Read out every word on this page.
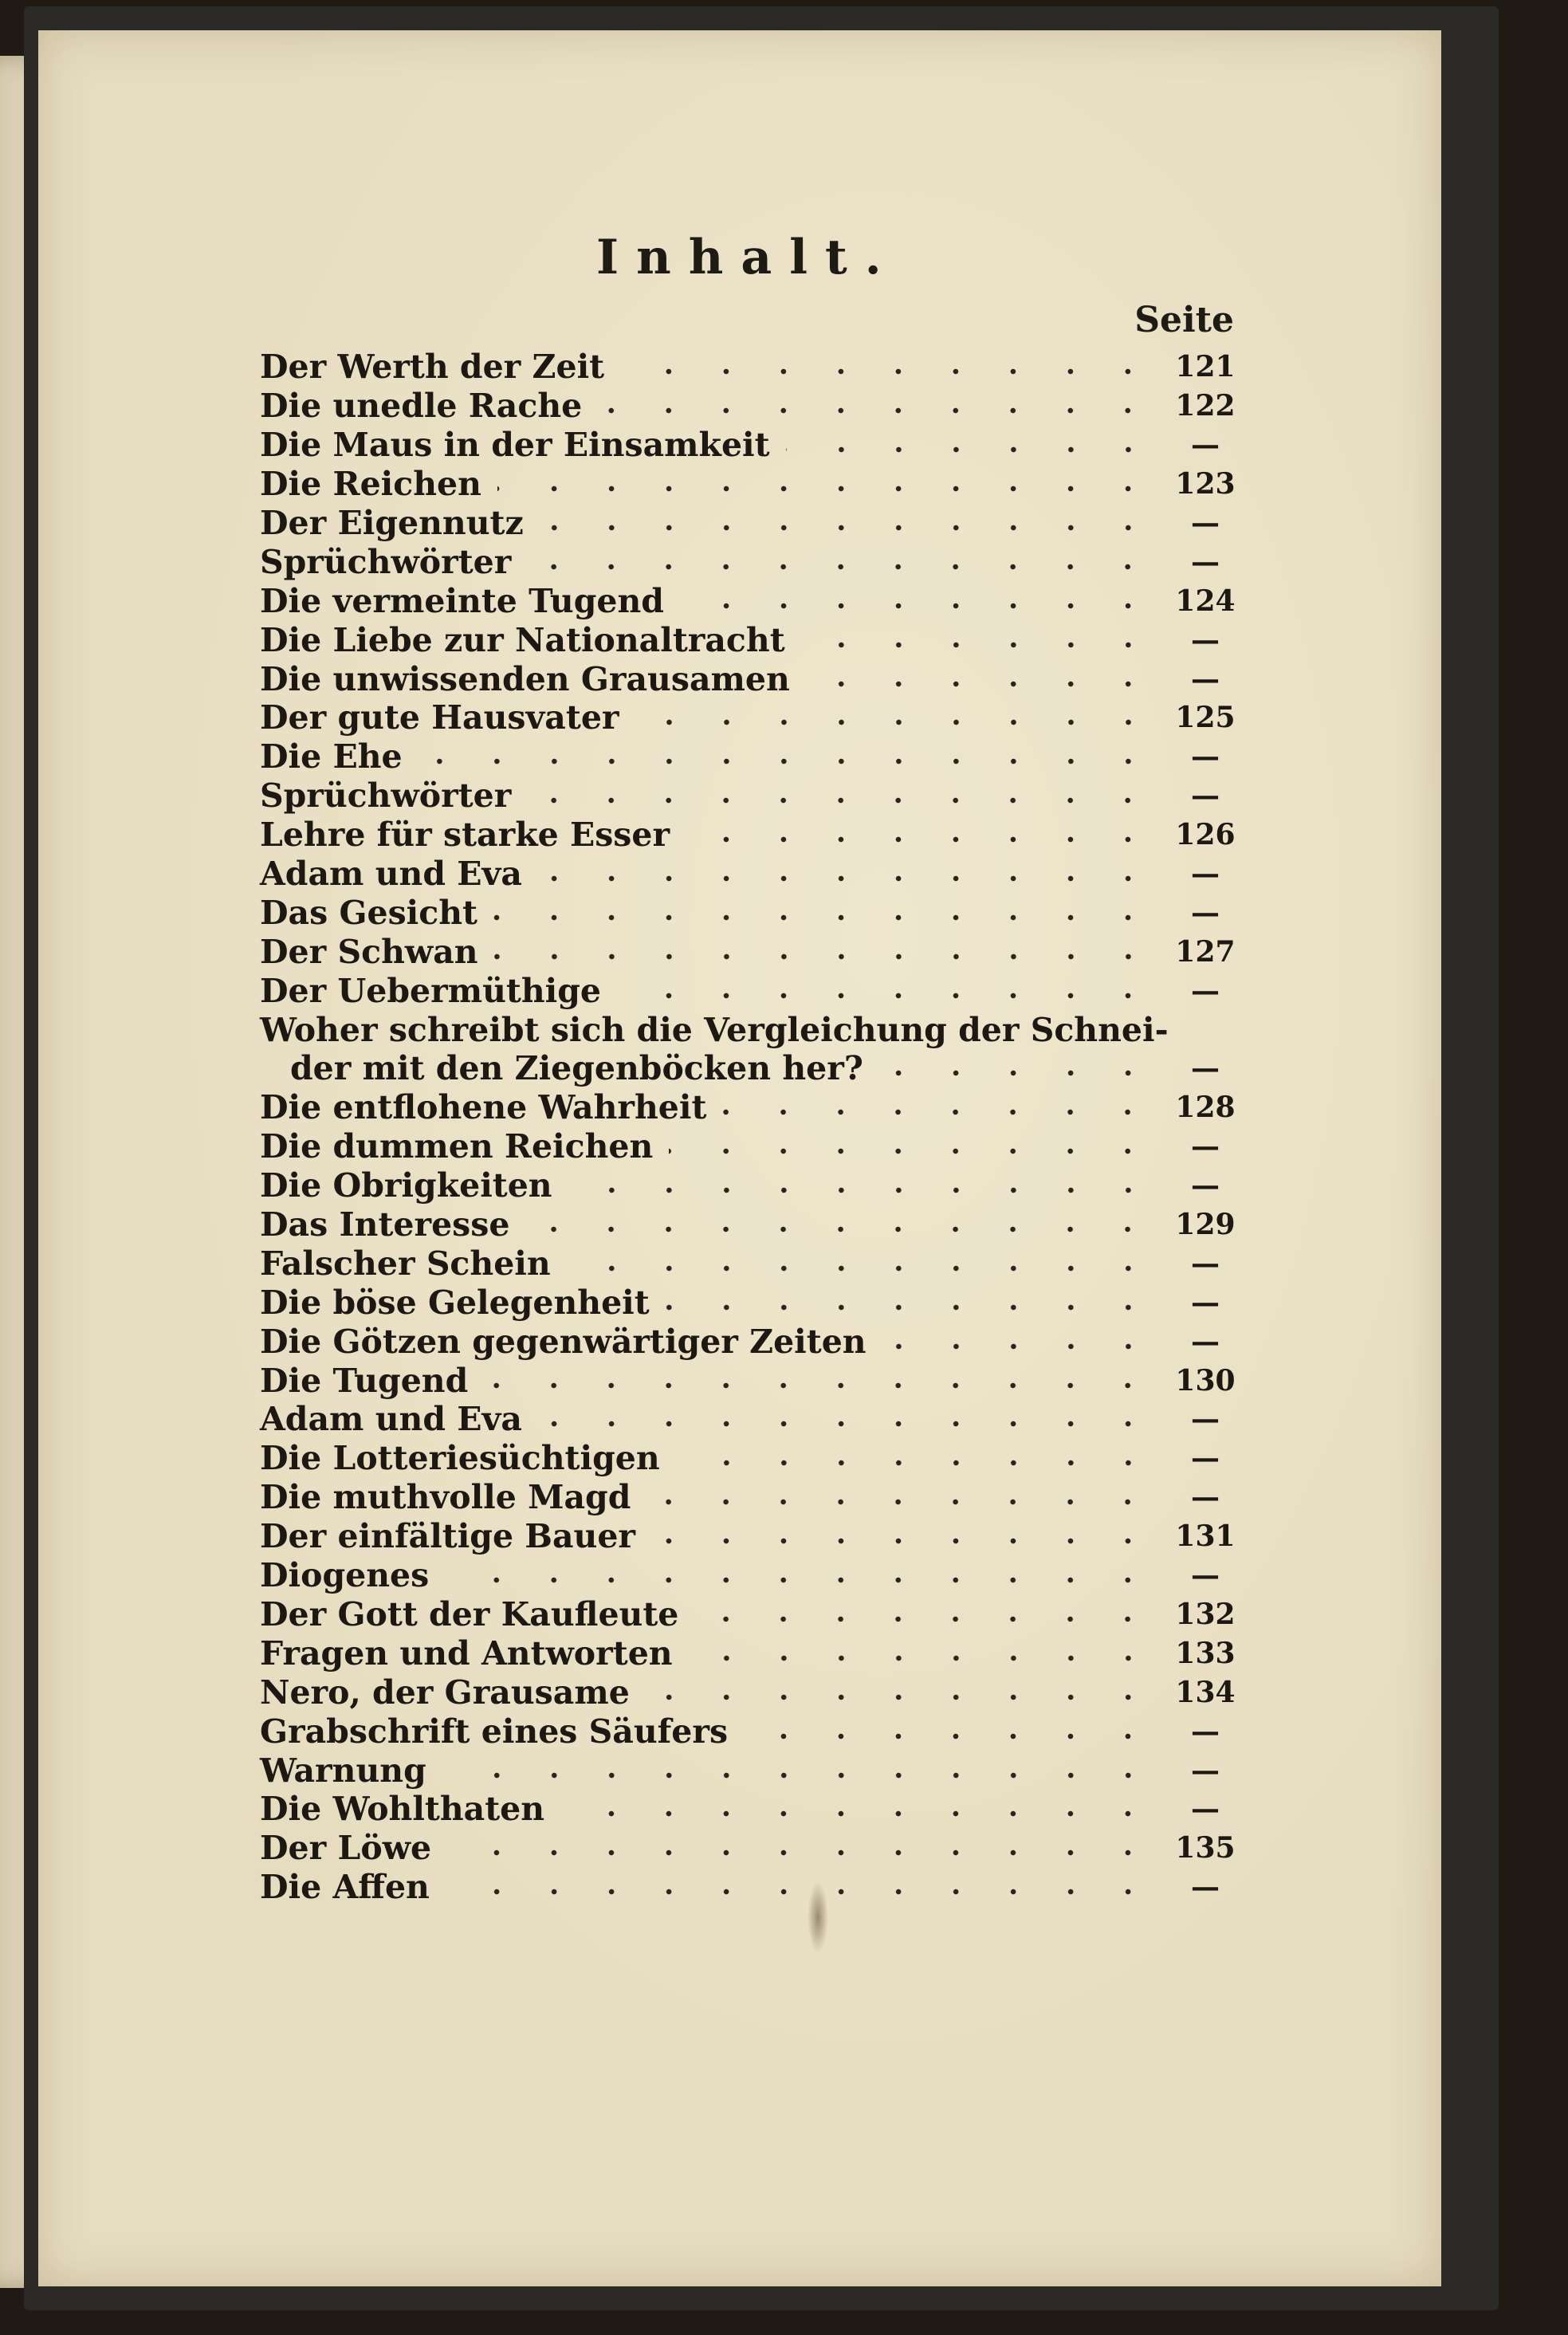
Inhalt.
Seite
Der Werth der Zeit	121
Die unedle Rache	122
Die Maus in der Einsamkeit	—
Die Reichen	123
Der Eigennutz	—
Sprüchwörter	—
Die vermeinte Tugend	124
Die Liebe zur Nationaltracht	—
Die unwissenden Grausamen	—
Der gute Hausvater	125
Die Ehe	—
Sprüchwörter	—
Lehre für starke Esser	126
Adam und Eva	—
Das Gesicht	—
Der Schwan	127
Der Uebermüthige	—
Woher schreibt sich die Vergleichung der Schnei-
der mit den Ziegenböcken her?	—
Die entflohene Wahrheit	128
Die dummen Reichen	—
Die Obrigkeiten	—
Das Interesse	129
Falscher Schein	—
Die böse Gelegenheit	—
Die Götzen gegenwärtiger Zeiten	—
Die Tugend	130
Adam und Eva	—
Die Lotteriesüchtigen	—
Die muthvolle Magd	—
Der einfältige Bauer	131
Diogenes	—
Der Gott der Kaufleute	132
Fragen und Antworten	133
Nero, der Grausame	134
Grabschrift eines Säufers	—
Warnung	—
Die Wohlthaten	—
Der Löwe	135
Die Affen	—
